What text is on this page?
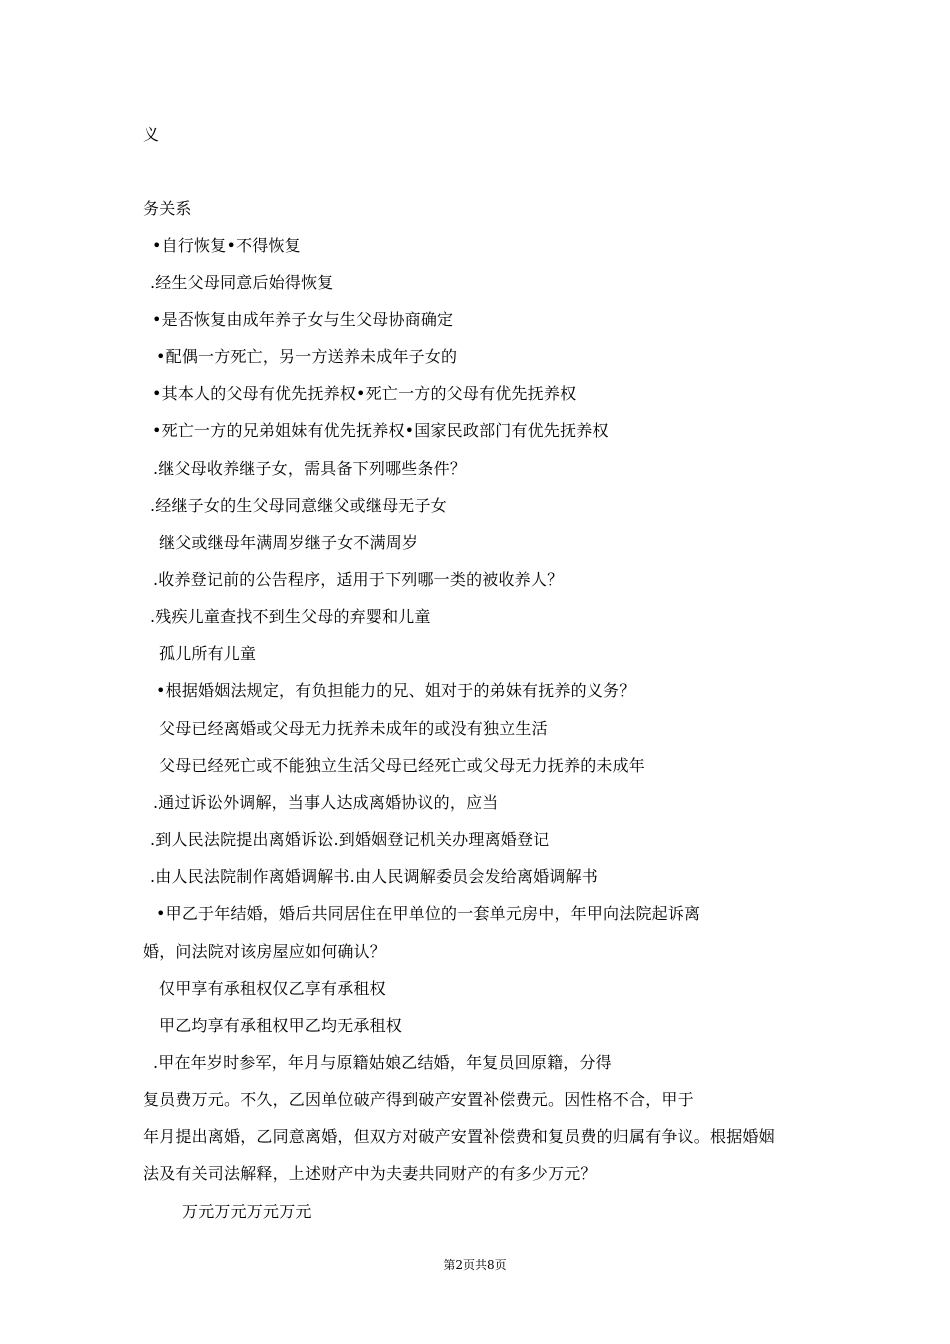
义
务关系
•自行恢复•不得恢复
.经生父母同意后始得恢复
•是否恢复由成年养子女与生父母协商确定
•配偶一方死亡，另一方送养未成年子女的
•其本人的父母有优先抚养权•死亡一方的父母有优先抚养权
•死亡一方的兄弟姐妹有优先抚养权•国家民政部门有优先抚养权
.继父母收养继子女，需具备下列哪些条件？
.经继子女的生父母同意继父或继母无子女
继父或继母年满周岁继子女不满周岁
.收养登记前的公告程序，适用于下列哪一类的被收养人？
.残疾儿童查找不到生父母的弃婴和儿童
孤儿所有儿童
•根据婚姻法规定，有负担能力的兄、姐对于的弟妹有抚养的义务？
父母已经离婚或父母无力抚养未成年的或没有独立生活
父母已经死亡或不能独立生活父母已经死亡或父母无力抚养的未成年
.通过诉讼外调解，当事人达成离婚协议的，应当
.到人民法院提出离婚诉讼.到婚姻登记机关办理离婚登记
.由人民法院制作离婚调解书.由人民调解委员会发给离婚调解书
•甲乙于年结婚，婚后共同居住在甲单位的一套单元房中，年甲向法院起诉离
婚，问法院对该房屋应如何确认？
仅甲享有承租权仅乙享有承租权
甲乙均享有承租权甲乙均无承租权
.甲在年岁时参军，年月与原籍姑娘乙结婚，年复员回原籍，分得
复员费万元。不久，乙因单位破产得到破产安置补偿费元。因性格不合，甲于
年月提出离婚，乙同意离婚，但双方对破产安置补偿费和复员费的归属有争议。根据婚姻
法及有关司法解释，上述财产中为夫妻共同财产的有多少万元？
万元万元万元万元
第2页共8页
